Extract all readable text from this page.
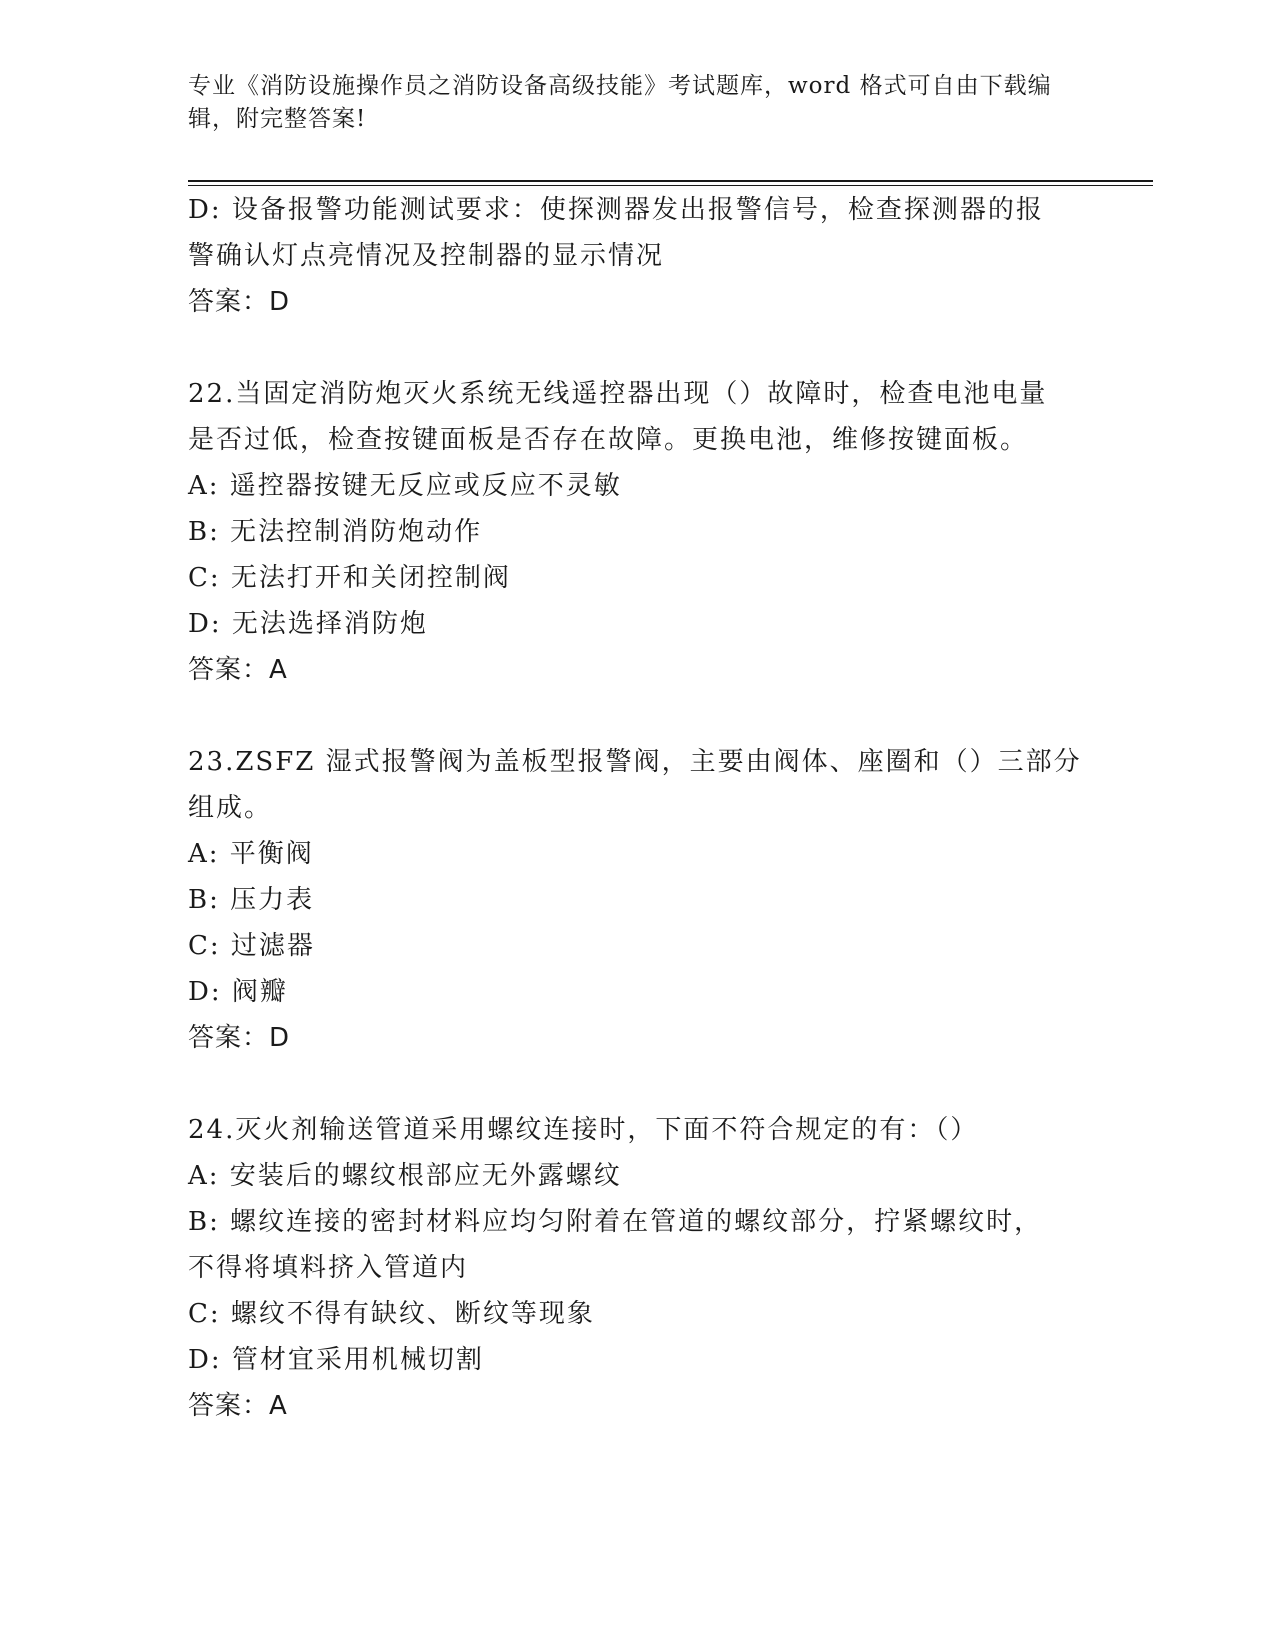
专业《消防设施操作员之消防设备高级技能》考试题库，word 格式可自由下载编

辑，附完整答案!

D: 设备报警功能测试要求：使探测器发出报警信号，检查探测器的报

警确认灯点亮情况及控制器的显示情况

答案：D

22.当固定消防炮灭火系统无线遥控器出现（）故障时，检查电池电量

是否过低，检查按键面板是否存在故障。更换电池，维修按键面板。

A: 遥控器按键无反应或反应不灵敏

B: 无法控制消防炮动作

C: 无法打开和关闭控制阀

D: 无法选择消防炮

答案：A

23.ZSFZ 湿式报警阀为盖板型报警阀，主要由阀体、座圈和（）三部分

组成。

A: 平衡阀

B: 压力表

C: 过滤器

D: 阀瓣

答案：D

24.灭火剂输送管道采用螺纹连接时，下面不符合规定的有：（）

A: 安装后的螺纹根部应无外露螺纹

B: 螺纹连接的密封材料应均匀附着在管道的螺纹部分，拧紧螺纹时，

不得将填料挤入管道内

C: 螺纹不得有缺纹、断纹等现象

D: 管材宜采用机械切割

答案：A
